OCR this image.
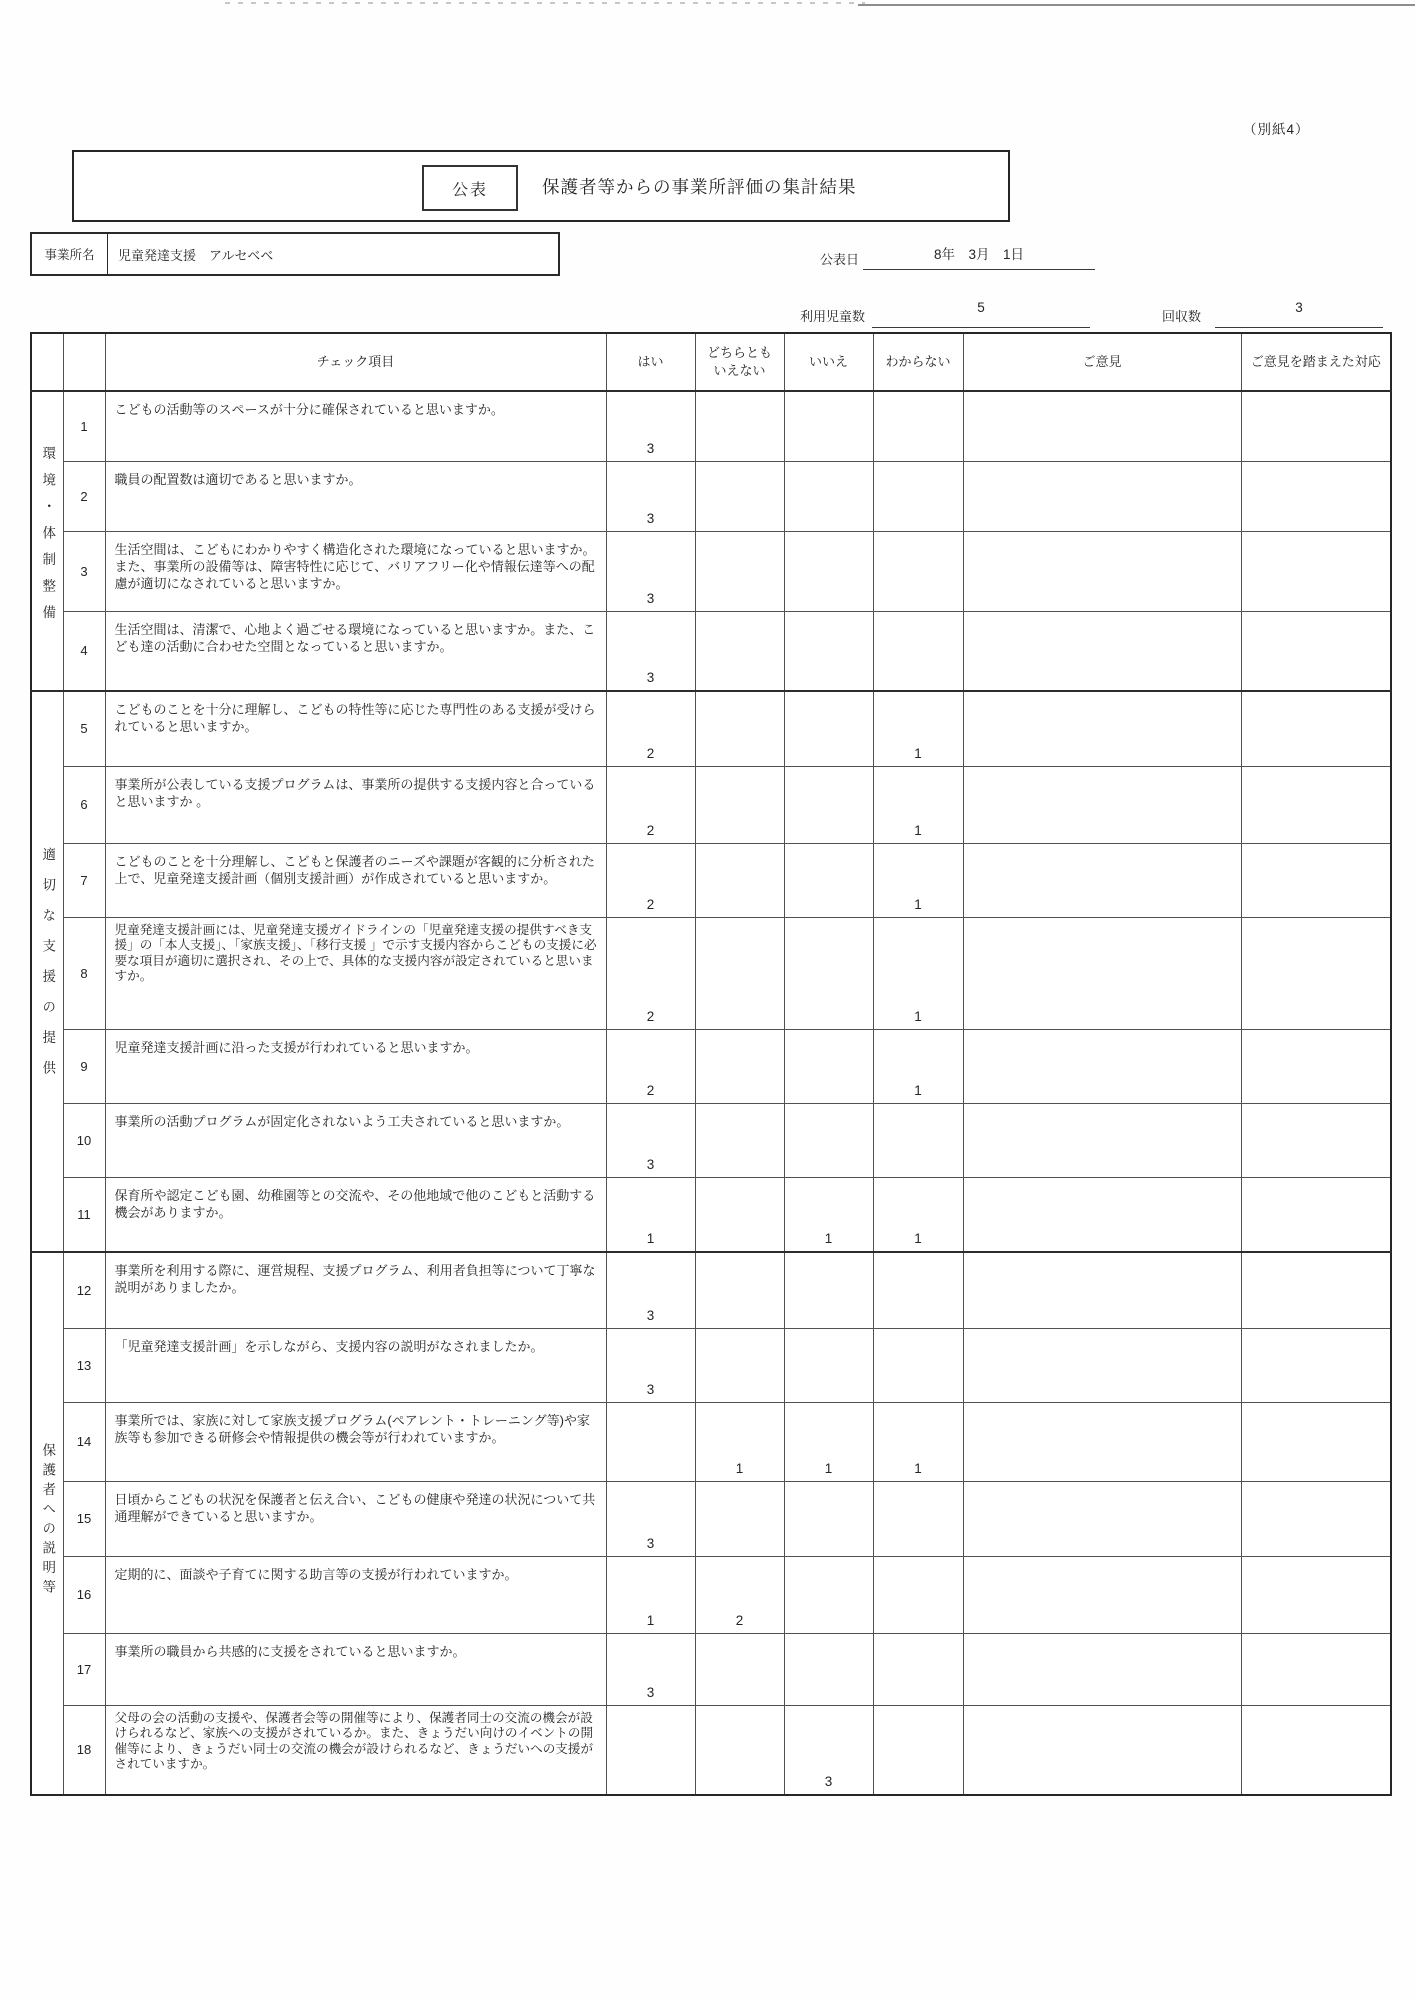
（別紙4）
公表	保護者等からの事業所評価の集計結果
事業所名	児童発達支援　アルセベベ	公表日	8年　3月　1日
利用児童数
5
回収数
3
		チェック項目	はい	どちらとも
いえない	いいえ	わからない	ご意見	ご意見を踏まえた対応
環境・体制整備	1	こどもの活動等のスペースが十分に確保されていると思いますか。	3					
	2	職員の配置数は適切であると思いますか。	3					
	3	生活空間は、こどもにわかりやすく構造化された環境になっていると思いますか。また、事業所の設備等は、障害特性に応じて、バリアフリー化や情報伝達等への配慮が適切になされていると思いますか。	3					
	4	生活空間は、清潔で、心地よく過ごせる環境になっていると思いますか。また、こども達の活動に合わせた空間となっていると思いますか。	3					
適切な支援の提供	5	こどものことを十分に理解し、こどもの特性等に応じた専門性のある支援が受けられていると思いますか。	2			1		
	6	事業所が公表している支援プログラムは、事業所の提供する支援内容と合っていると思いますか 。	2			1		
	7	こどものことを十分理解し、こどもと保護者のニーズや課題が客観的に分析された上で、児童発達支援計画（個別支援計画）が作成されていると思いますか。	2			1		
	8	児童発達支援計画には、児童発達支援ガイドラインの「児童発達支援の提供すべき支援」の「本人支援」、「家族支援」、「移行支援 」で示す支援内容からこどもの支援に必要な項目が適切に選択され、その上で、具体的な支援内容が設定されていると思いますか。	2			1		
	9	児童発達支援計画に沿った支援が行われていると思いますか。	2			1		
	10	事業所の活動プログラムが固定化されないよう工夫されていると思いますか。	3					
	11	保育所や認定こども園、幼稚園等との交流や、その他地域で他のこどもと活動する機会がありますか。	1		1	1		
保護者への説明等	12	事業所を利用する際に、運営規程、支援プログラム、利用者負担等について丁寧な説明がありましたか。	3					
	13	「児童発達支援計画」を示しながら、支援内容の説明がなされましたか。	3					
	14	事業所では、家族に対して家族支援プログラム(ペアレント・トレーニング等)や家族等も参加できる研修会や情報提供の機会等が行われていますか。		1	1	1		
	15	日頃からこどもの状況を保護者と伝え合い、こどもの健康や発達の状況について共通理解ができていると思いますか。	3					
	16	定期的に、面談や子育てに関する助言等の支援が行われていますか。	1	2				
	17	事業所の職員から共感的に支援をされていると思いますか。	3					
	18	父母の会の活動の支援や、保護者会等の開催等により、保護者同士の交流の機会が設けられるなど、家族への支援がされているか。また、きょうだい向けのイベントの開催等により、きょうだい同士の交流の機会が設けられるなど、きょうだいへの支援がされていますか。			3			
